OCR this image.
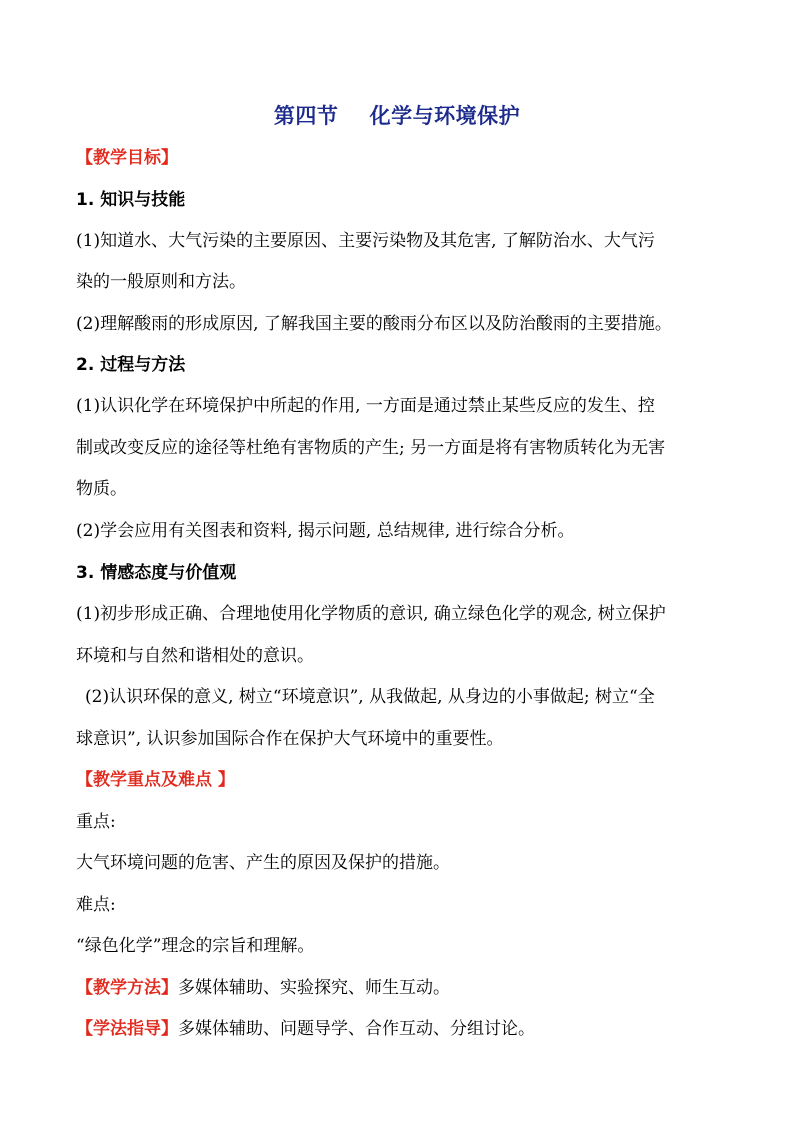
第四节    化学与环境保护
【教学目标】
1. 知识与技能
(1)知道水、大气污染的主要原因、主要污染物及其危害, 了解防治水、大气污
染的一般原则和方法。
(2)理解酸雨的形成原因, 了解我国主要的酸雨分布区以及防治酸雨的主要措施。
2. 过程与方法
(1)认识化学在环境保护中所起的作用, 一方面是通过禁止某些反应的发生、控
制或改变反应的途径等杜绝有害物质的产生; 另一方面是将有害物质转化为无害
物质。
(2)学会应用有关图表和资料, 揭示问题, 总结规律, 进行综合分析。
3. 情感态度与价值观
(1)初步形成正确、合理地使用化学物质的意识, 确立绿色化学的观念, 树立保护
环境和与自然和谐相处的意识。
(2)认识环保的意义, 树立“环境意识”, 从我做起, 从身边的小事做起; 树立“全
球意识”, 认识参加国际合作在保护大气环境中的重要性。
【教学重点及难点 】
重点:
大气环境问题的危害、产生的原因及保护的措施。
难点:
“绿色化学”理念的宗旨和理解。
【教学方法】多媒体辅助、实验探究、师生互动。
【学法指导】多媒体辅助、问题导学、合作互动、分组讨论。
